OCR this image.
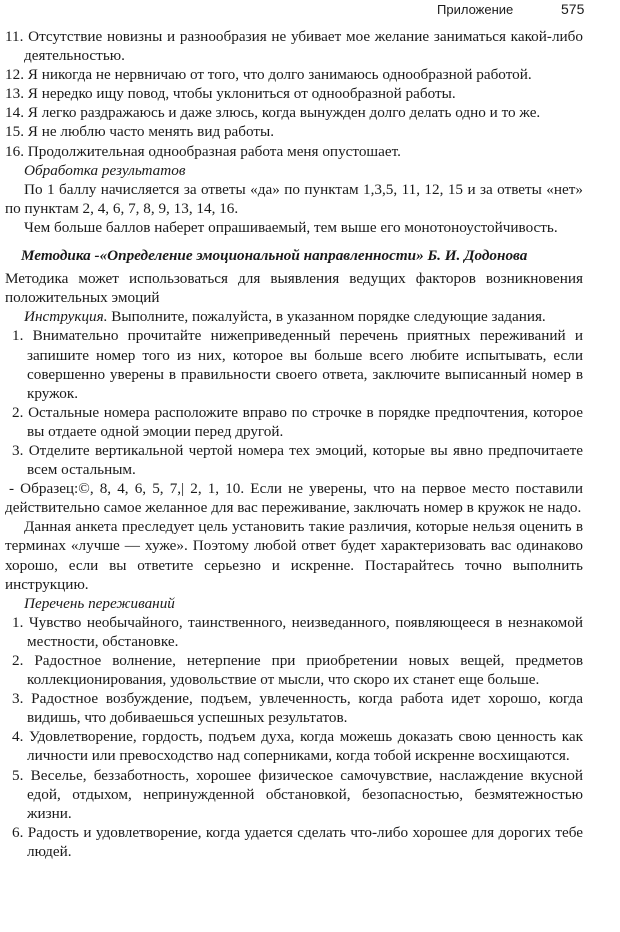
Приложение	575

11. Отсутствие новизны и разнообразия не убивает мое желание заниматься какой-либо деятельностью.

12. Я никогда не нервничаю от того, что долго занимаюсь однообразной работой.

13. Я нередко ищу повод, чтобы уклониться от однообразной работы.

14. Я легко раздражаюсь и даже злюсь, когда вынужден долго делать одно и то же.

15. Я не люблю часто менять вид работы.

16. Продолжительная однообразная работа меня опустошает.

Обработка результатов

По 1 баллу начисляется за ответы «да» по пунктам 1,3,5, 11, 12, 15 и за ответы «нет» по пунктам 2, 4, 6, 7, 8, 9, 13, 14, 16.

Чем больше баллов наберет опрашиваемый, тем выше его монотоноустойчивость.

Методика -«Определение эмоциональной направленности» Б. И. Додонова

Методика может использоваться для выявления ведущих факторов возникновения положительных эмоций

Инструкция. Выполните, пожалуйста, в указанном порядке следующие задания.

1. Внимательно прочитайте нижеприведенный перечень приятных переживаний и запишите номер того из них, которое вы больше всего любите испытывать, если совершенно уверены в правильности своего ответа, заключите выписанный номер в кружок.

2. Остальные номера расположите вправо по строчке в порядке предпочтения, которое вы отдаете одной эмоции перед другой.

3. Отделите вертикальной чертой номера тех эмоций, которые вы явно предпочитаете всем остальным.

- Образец:©, 8, 4, 6, 5, 7,| 2, 1, 10. Если не уверены, что на первое место поставили действительно самое желанное для вас переживание, заключать номер в кружок не надо.

Данная анкета преследует цель установить такие различия, которые нельзя оценить в терминах «лучше — хуже». Поэтому любой ответ будет характеризовать вас одинаково хорошо, если вы ответите серьезно и искренне. Постарайтесь точно выполнить инструкцию.

Перечень переживаний

1. Чувство необычайного, таинственного, неизведанного, появляющееся в незнакомой местности, обстановке.

2. Радостное волнение, нетерпение при приобретении новых вещей, предметов коллекционирования, удовольствие от мысли, что скоро их станет еще больше.

3. Радостное возбуждение, подъем, увлеченность, когда работа идет хорошо, когда видишь, что добиваешься успешных результатов.

4. Удовлетворение, гордость, подъем духа, когда можешь доказать свою ценность как личности или превосходство над соперниками, когда тобой искренне восхищаются.

5. Веселье, беззаботность, хорошее физическое самочувствие, наслаждение вкусной едой, отдыхом, непринужденной обстановкой, безопасностью, безмятежностью жизни.

6. Радость и удовлетворение, когда удается сделать что-либо хорошее для дорогих тебе людей.
